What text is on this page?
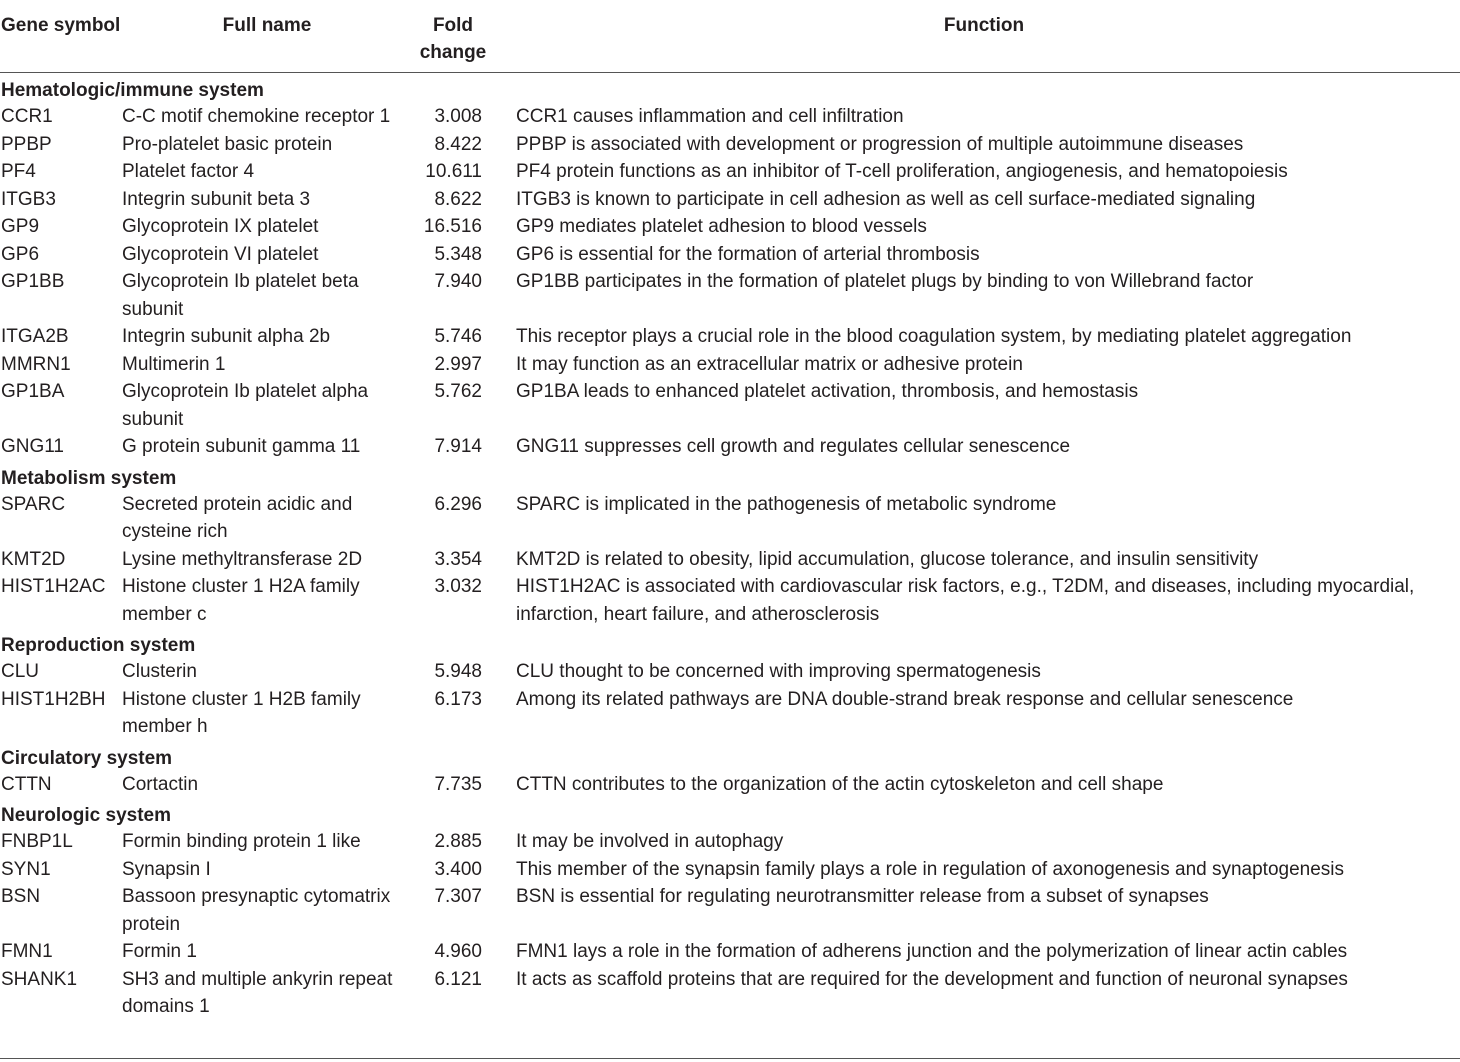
Gene symbol	Full name	Fold change	Function
Hematologic/immune system			
CCR1	C-C motif chemokine receptor 1	3.008	CCR1 causes inflammation and cell infiltration
PPBP	Pro-platelet basic protein	8.422	PPBP is associated with development or progression of multiple autoimmune diseases
PF4	Platelet factor 4	10.611	PF4 protein functions as an inhibitor of T-cell proliferation, angiogenesis, and hematopoiesis
ITGB3	Integrin subunit beta 3	8.622	ITGB3 is known to participate in cell adhesion as well as cell surface-mediated signaling
GP9	Glycoprotein IX platelet	16.516	GP9 mediates platelet adhesion to blood vessels
GP6	Glycoprotein VI platelet	5.348	GP6 is essential for the formation of arterial thrombosis
GP1BB	Glycoprotein Ib platelet beta subunit	7.940	GP1BB participates in the formation of platelet plugs by binding to von Willebrand factor
ITGA2B	Integrin subunit alpha 2b	5.746	This receptor plays a crucial role in the blood coagulation system, by mediating platelet aggregation
MMRN1	Multimerin 1	2.997	It may function as an extracellular matrix or adhesive protein
GP1BA	Glycoprotein Ib platelet alpha subunit	5.762	GP1BA leads to enhanced platelet activation, thrombosis, and hemostasis
GNG11	G protein subunit gamma 11	7.914	GNG11 suppresses cell growth and regulates cellular senescence
Metabolism system			
SPARC	Secreted protein acidic and cysteine rich	6.296	SPARC is implicated in the pathogenesis of metabolic syndrome
KMT2D	Lysine methyltransferase 2D	3.354	KMT2D is related to obesity, lipid accumulation, glucose tolerance, and insulin sensitivity
HIST1H2AC	Histone cluster 1 H2A family member c	3.032	HIST1H2AC is associated with cardiovascular risk factors, e.g., T2DM, and diseases, including myocardial, infarction, heart failure, and atherosclerosis
Reproduction system			
CLU	Clusterin	5.948	CLU thought to be concerned with improving spermatogenesis
HIST1H2BH	Histone cluster 1 H2B family member h	6.173	Among its related pathways are DNA double-strand break response and cellular senescence
Circulatory system			
CTTN	Cortactin	7.735	CTTN contributes to the organization of the actin cytoskeleton and cell shape
Neurologic system			
FNBP1L	Formin binding protein 1 like	2.885	It may be involved in autophagy
SYN1	Synapsin I	3.400	This member of the synapsin family plays a role in regulation of axonogenesis and synaptogenesis
BSN	Bassoon presynaptic cytomatrix protein	7.307	BSN is essential for regulating neurotransmitter release from a subset of synapses
FMN1	Formin 1	4.960	FMN1 lays a role in the formation of adherens junction and the polymerization of linear actin cables
SHANK1	SH3 and multiple ankyrin repeat domains 1	6.121	It acts as scaffold proteins that are required for the development and function of neuronal synapses
